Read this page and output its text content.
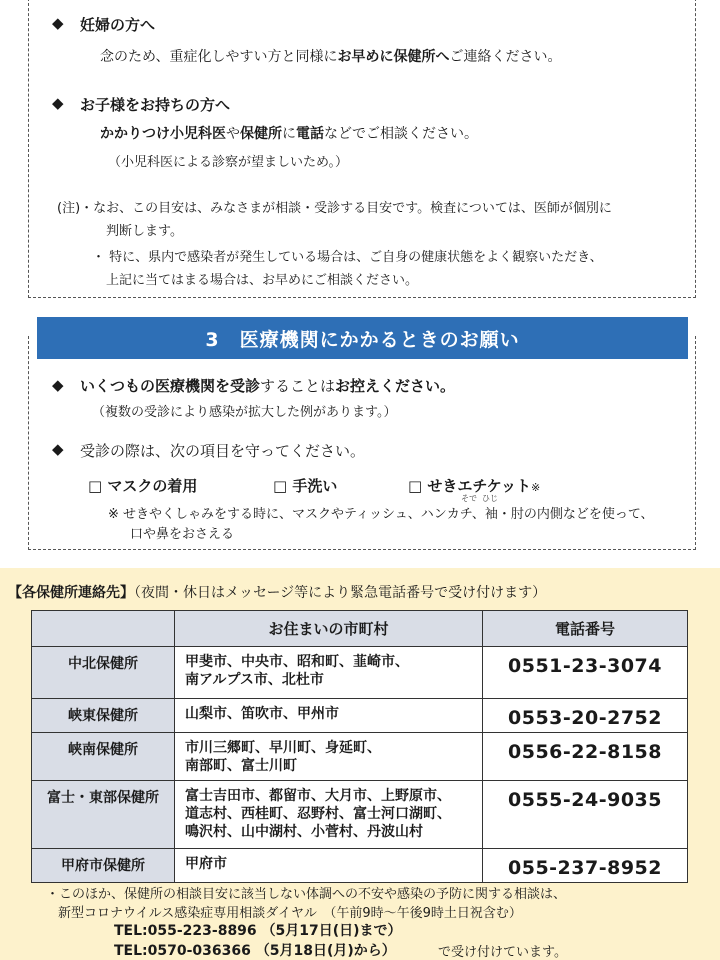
◆ 妊婦の方へ
念のため、重症化しやすい方と同様にお早めに保健所へご連絡ください。
◆ お子様をお持ちの方へ
かかりつけ小児科医や保健所に電話などでご相談ください。
（小児科医による診察が望ましいため。）
(注)・なお、この目安は、みなさまが相談・受診する目安です。検査については、医師が個別に
判断します。
・ 特に、県内で感染者が発生している場合は、ご自身の健康状態をよく観察いただき、
上記に当てはまる場合は、お早めにご相談ください。
3　医療機関にかかるときのお願い
◆ いくつもの医療機関を受診することはお控えください。
（複数の受診により感染が拡大した例があります。）
◆ 受診の際は、次の項目を守ってください。
□ マスクの着用	□ 手洗い	□ せきエチケット※
そで ひじ
※ せきやくしゃみをする時に、マスクやティッシュ、ハンカチ、袖・肘の内側などを使って、
口や鼻をおさえる
【各保健所連絡先】（夜間・休日はメッセージ等により緊急電話番号で受け付けます）
	お住まいの市町村	電話番号
中北保健所	甲斐市、中央市、昭和町、韮崎市、
南アルプス市、北杜市	0551-23-3074
峡東保健所	山梨市、笛吹市、甲州市	0553-20-2752
峡南保健所	市川三郷町、早川町、身延町、
南部町、富士川町	0556-22-8158
富士・東部保健所	富士吉田市、都留市、大月市、上野原市、
道志村、西桂町、忍野村、富士河口湖町、
鳴沢村、山中湖村、小菅村、丹波山村	0555-24-9035
甲府市保健所	甲府市	055-237-8952
・このほか、保健所の相談目安に該当しない体調への不安や感染の予防に関する相談は、
新型コロナウイルス感染症専用相談ダイヤル　（午前9時～午後9時土日祝含む）
TEL:055-223-8896 （5月17日(日)まで）
TEL:0570-036366 （5月18日(月)から）	で受け付けています。
